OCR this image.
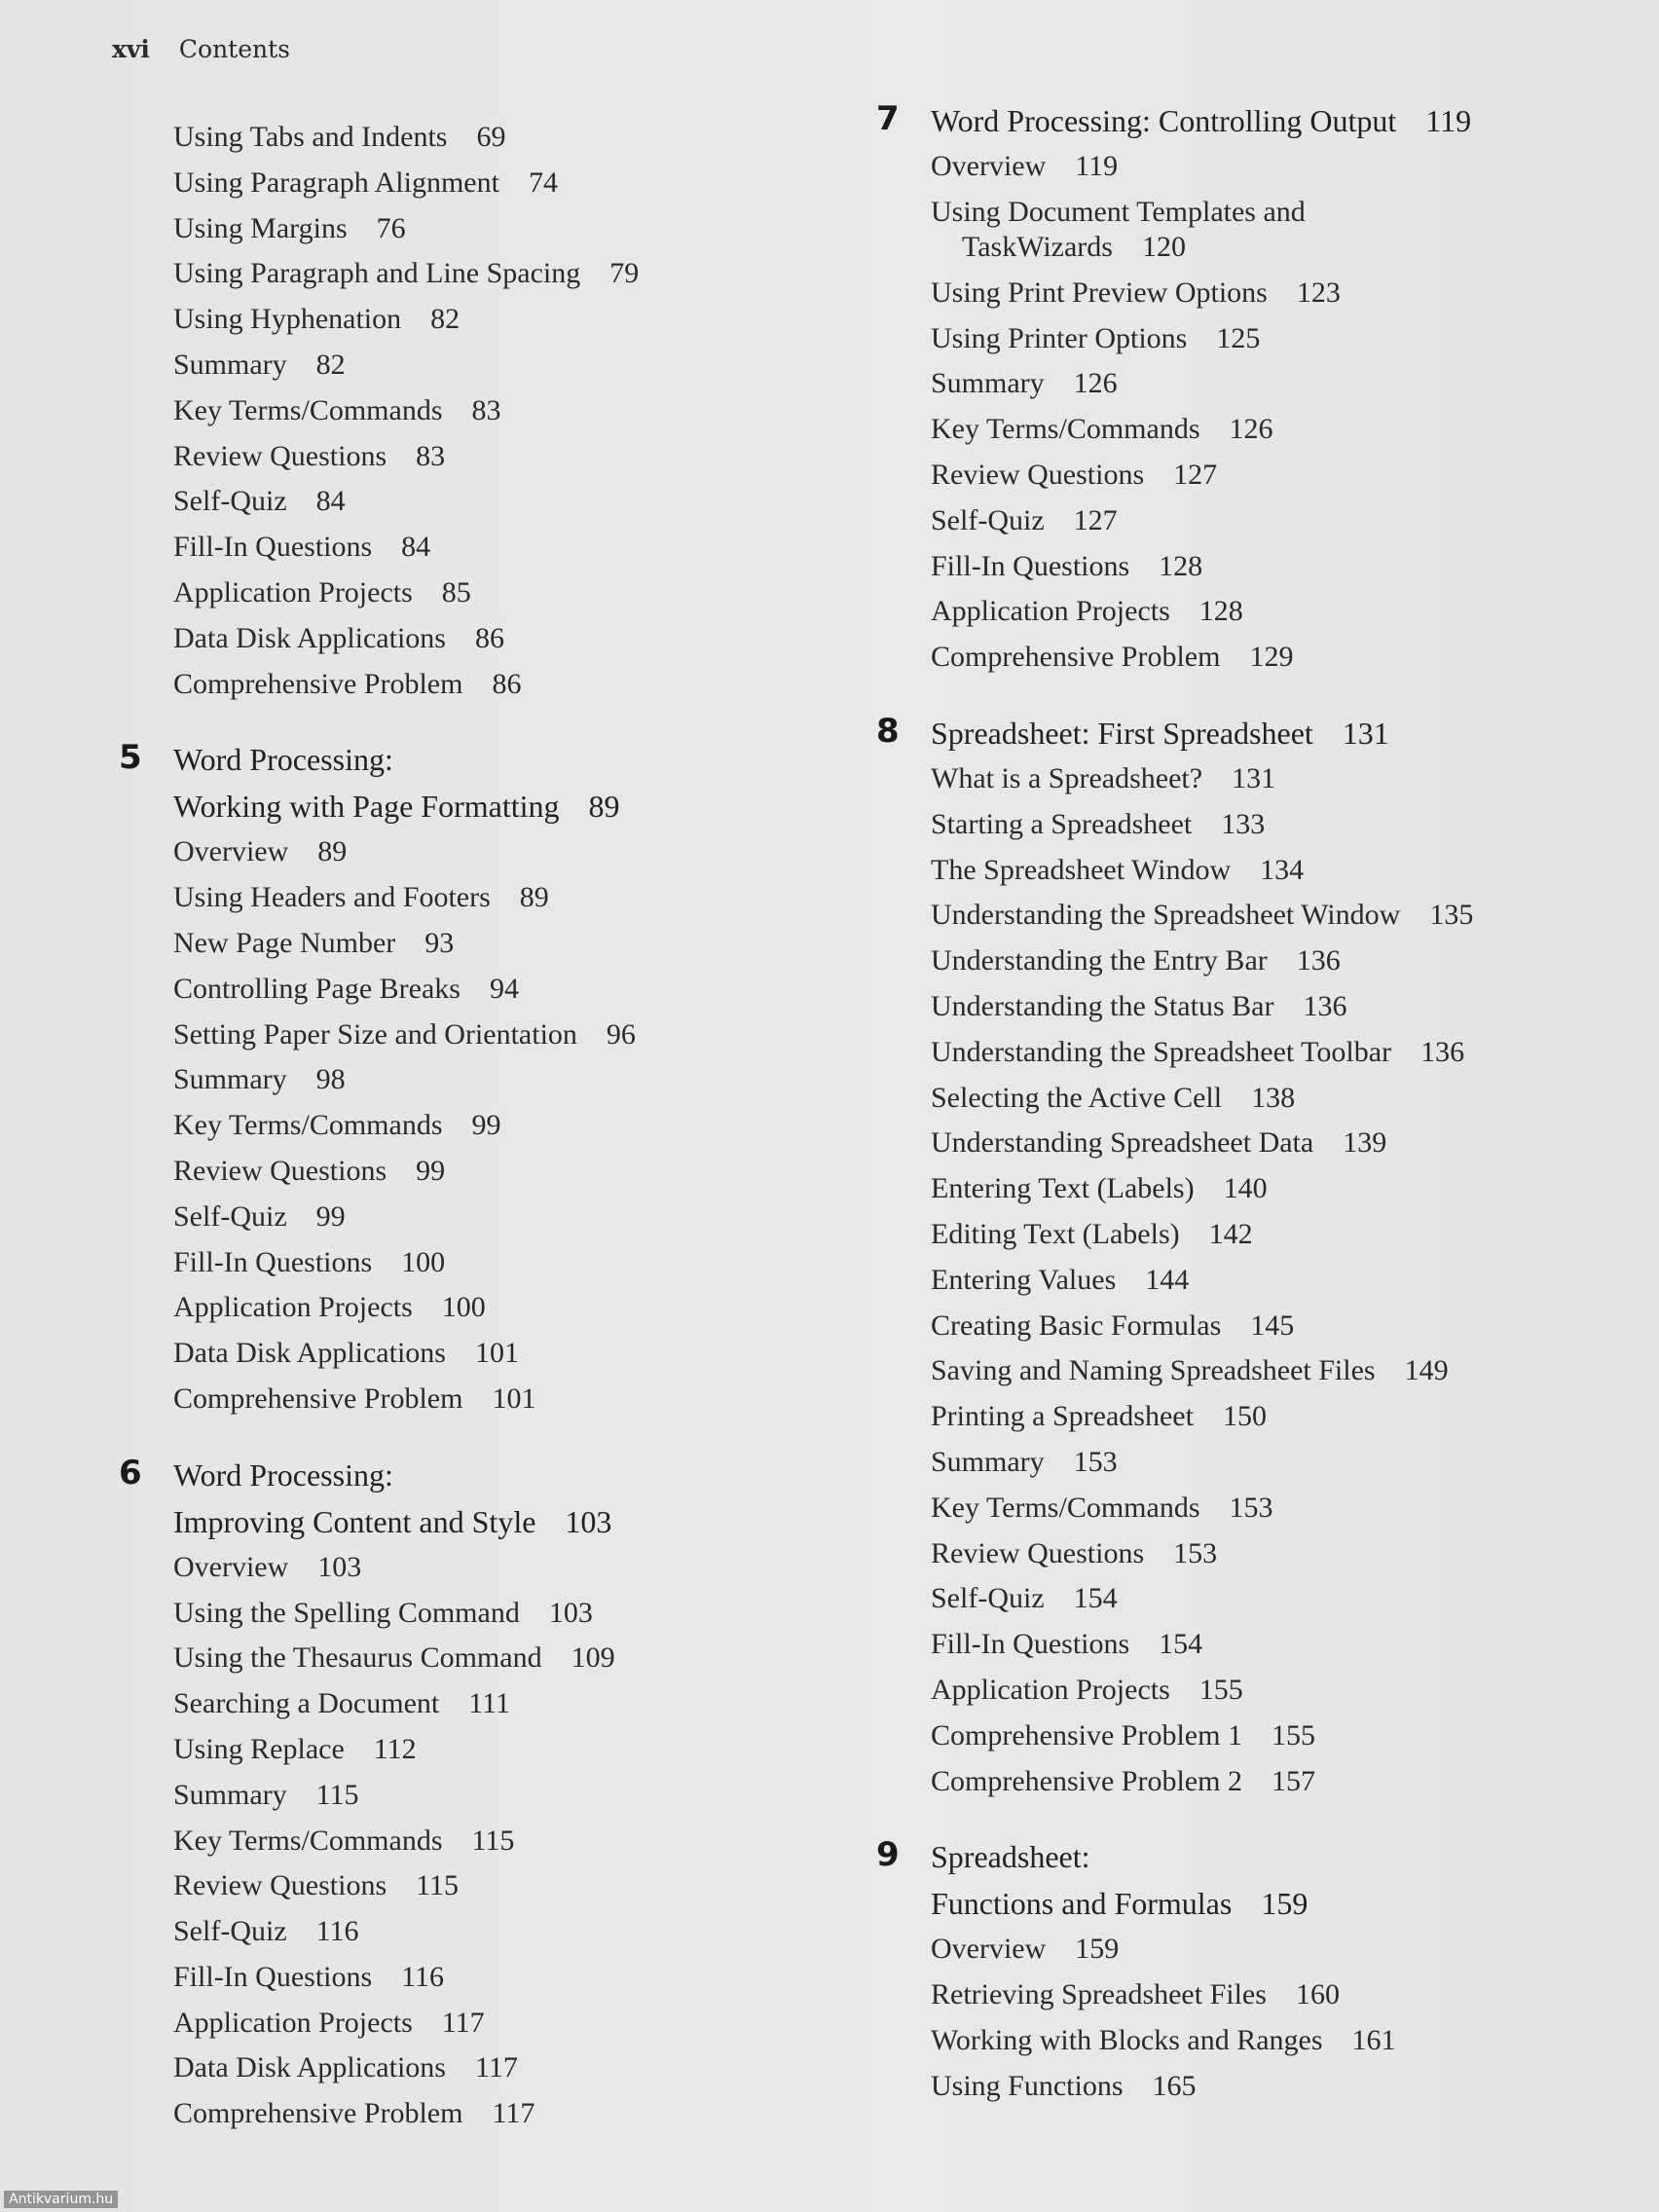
xvi Contents
Using Tabs and Indents 69
Using Paragraph Alignment 74
Using Margins 76
Using Paragraph and Line Spacing 79
Using Hyphenation 82
Summary 82
Key Terms/Commands 83
Review Questions 83
Self-Quiz 84
Fill-In Questions 84
Application Projects 85
Data Disk Applications 86
Comprehensive Problem 86
5 Word Processing:
Working with Page Formatting 89
Overview 89
Using Headers and Footers 89
New Page Number 93
Controlling Page Breaks 94
Setting Paper Size and Orientation 96
Summary 98
Key Terms/Commands 99
Review Questions 99
Self-Quiz 99
Fill-In Questions 100
Application Projects 100
Data Disk Applications 101
Comprehensive Problem 101
6 Word Processing:
Improving Content and Style 103
Overview 103
Using the Spelling Command 103
Using the Thesaurus Command 109
Searching a Document 111
Using Replace 112
Summary 115
Key Terms/Commands 115
Review Questions 115
Self-Quiz 116
Fill-In Questions 116
Application Projects 117
Data Disk Applications 117
Comprehensive Problem 117
7 Word Processing: Controlling Output 119
Overview 119
Using Document Templates and
TaskWizards 120
Using Print Preview Options 123
Using Printer Options 125
Summary 126
Key Terms/Commands 126
Review Questions 127
Self-Quiz 127
Fill-In Questions 128
Application Projects 128
Comprehensive Problem 129
8 Spreadsheet: First Spreadsheet 131
What is a Spreadsheet? 131
Starting a Spreadsheet 133
The Spreadsheet Window 134
Understanding the Spreadsheet Window 135
Understanding the Entry Bar 136
Understanding the Status Bar 136
Understanding the Spreadsheet Toolbar 136
Selecting the Active Cell 138
Understanding Spreadsheet Data 139
Entering Text (Labels) 140
Editing Text (Labels) 142
Entering Values 144
Creating Basic Formulas 145
Saving and Naming Spreadsheet Files 149
Printing a Spreadsheet 150
Summary 153
Key Terms/Commands 153
Review Questions 153
Self-Quiz 154
Fill-In Questions 154
Application Projects 155
Comprehensive Problem 1 155
Comprehensive Problem 2 157
9 Spreadsheet:
Functions and Formulas 159
Overview 159
Retrieving Spreadsheet Files 160
Working with Blocks and Ranges 161
Using Functions 165
Antikvarium.hu
